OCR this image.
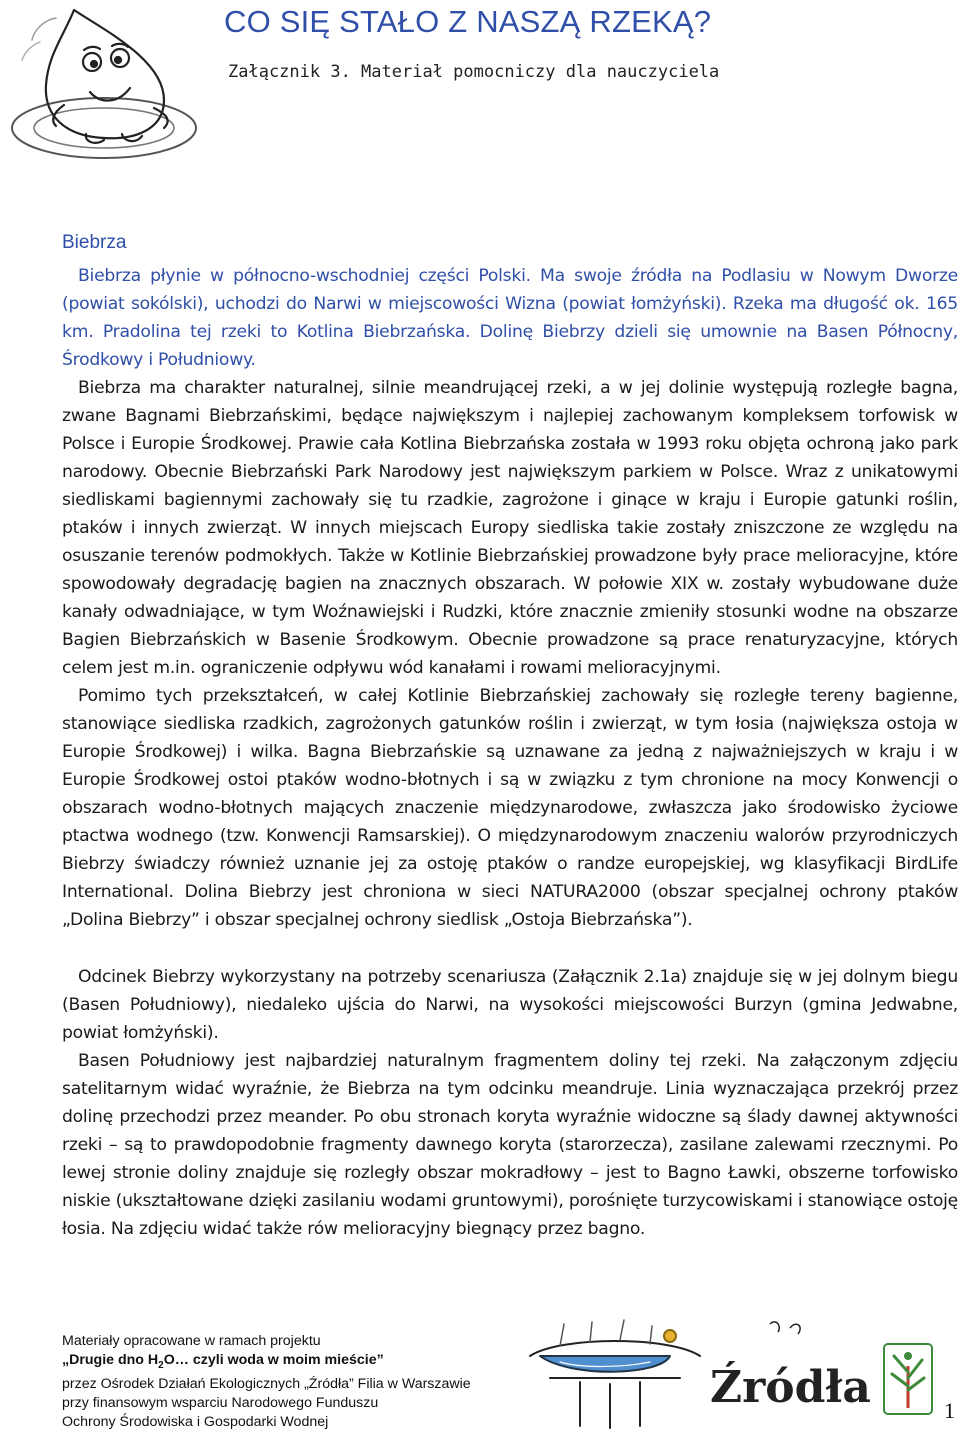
CO SIĘ STAŁO Z NASZĄ RZEKĄ?
Załącznik 3. Materiał pomocniczy dla nauczyciela
Biebrza

Biebrza płynie w północno-wschodniej części Polski. Ma swoje źródła na Podlasiu w Nowym Dworze (powiat sokólski), uchodzi do Narwi w miejscowości Wizna (powiat łomżyński). Rzeka ma długość ok. 165 km. Pradolina tej rzeki to Kotlina Biebrzańska. Dolinę Biebrzy dzieli się umownie na Basen Północny, Środkowy i Południowy.

Biebrza ma charakter naturalnej, silnie meandrującej rzeki, a w jej dolinie występują rozległe bagna, zwane Bagnami Biebrzańskimi, będące największym i najlepiej zachowanym kompleksem torfowisk w Polsce i Europie Środkowej. Prawie cała Kotlina Biebrzańska została w 1993 roku objęta ochroną jako park narodowy. Obecnie Biebrzański Park Narodowy jest największym parkiem w Polsce. Wraz z unikatowymi siedliskami bagiennymi zachowały się tu rzadkie, zagrożone i ginące w kraju i Europie gatunki roślin, ptaków i innych zwierząt. W innych miejscach Europy siedliska takie zostały zniszczone ze względu na osuszanie terenów podmokłych. Także w Kotlinie Biebrzańskiej prowadzone były prace melioracyjne, które spowodowały degradację bagien na znacznych obszarach. W połowie XIX w. zostały wybudowane duże kanały odwadniające, w tym Woźnawiejski i Rudzki, które znacznie zmieniły stosunki wodne na obszarze Bagien Biebrzańskich w Basenie Środkowym. Obecnie prowadzone są prace renaturyzacyjne, których celem jest m.in. ograniczenie odpływu wód kanałami i rowami melioracyjnymi.

Pomimo tych przekształceń, w całej Kotlinie Biebrzańskiej zachowały się rozległe tereny bagienne, stanowiące siedliska rzadkich, zagrożonych gatunków roślin i zwierząt, w tym łosia (największa ostoja w Europie Środkowej) i wilka. Bagna Biebrzańskie są uznawane za jedną z najważniejszych w kraju i w Europie Środkowej ostoi ptaków wodno-błotnych i są w związku z tym chronione na mocy Konwencji o obszarach wodno-błotnych mających znaczenie międzynarodowe, zwłaszcza jako środowisko życiowe ptactwa wodnego (tzw. Konwencji Ramsarskiej). O międzynarodowym znaczeniu walorów przyrodniczych Biebrzy świadczy również uznanie jej za ostoję ptaków o randze europejskiej, wg klasyfikacji BirdLife International. Dolina Biebrzy jest chroniona w sieci NATURA2000 (obszar specjalnej ochrony ptaków „Dolina Biebrzy” i obszar specjalnej ochrony siedlisk „Ostoja Biebrzańska”).

Odcinek Biebrzy wykorzystany na potrzeby scenariusza (Załącznik 2.1a) znajduje się w jej dolnym biegu (Basen Południowy), niedaleko ujścia do Narwi, na wysokości miejscowości Burzyn (gmina Jedwabne, powiat łomżyński).

Basen Południowy jest najbardziej naturalnym fragmentem doliny tej rzeki. Na załączonym zdjęciu satelitarnym widać wyraźnie, że Biebrza na tym odcinku meandruje. Linia wyznaczająca przekrój przez dolinę przechodzi przez meander. Po obu stronach koryta wyraźnie widoczne są ślady dawnej aktywności rzeki – są to prawdopodobnie fragmenty dawnego koryta (starorzecza), zasilane zalewami rzecznymi. Po lewej stronie doliny znajduje się rozległy obszar mokradłowy – jest to Bagno Ławki, obszerne torfowisko niskie (ukształtowane dzięki zasilaniu wodami gruntowymi), porośnięte turzycowiskami i stanowiące ostoję łosia. Na zdjęciu widać także rów melioracyjny biegnący przez bagno.

Materiały opracowane w ramach projektu
„Drugie dno $H_2O\dots$ czyli woda w moim mieście”
przez Ośrodek Działań Ekologicznych „Źródła” Filia w Warszawie
przy finansowym wsparciu Narodowego Funduszu
Ochrony Środowiska i Gospodarki Wodnej
Źródła	1
